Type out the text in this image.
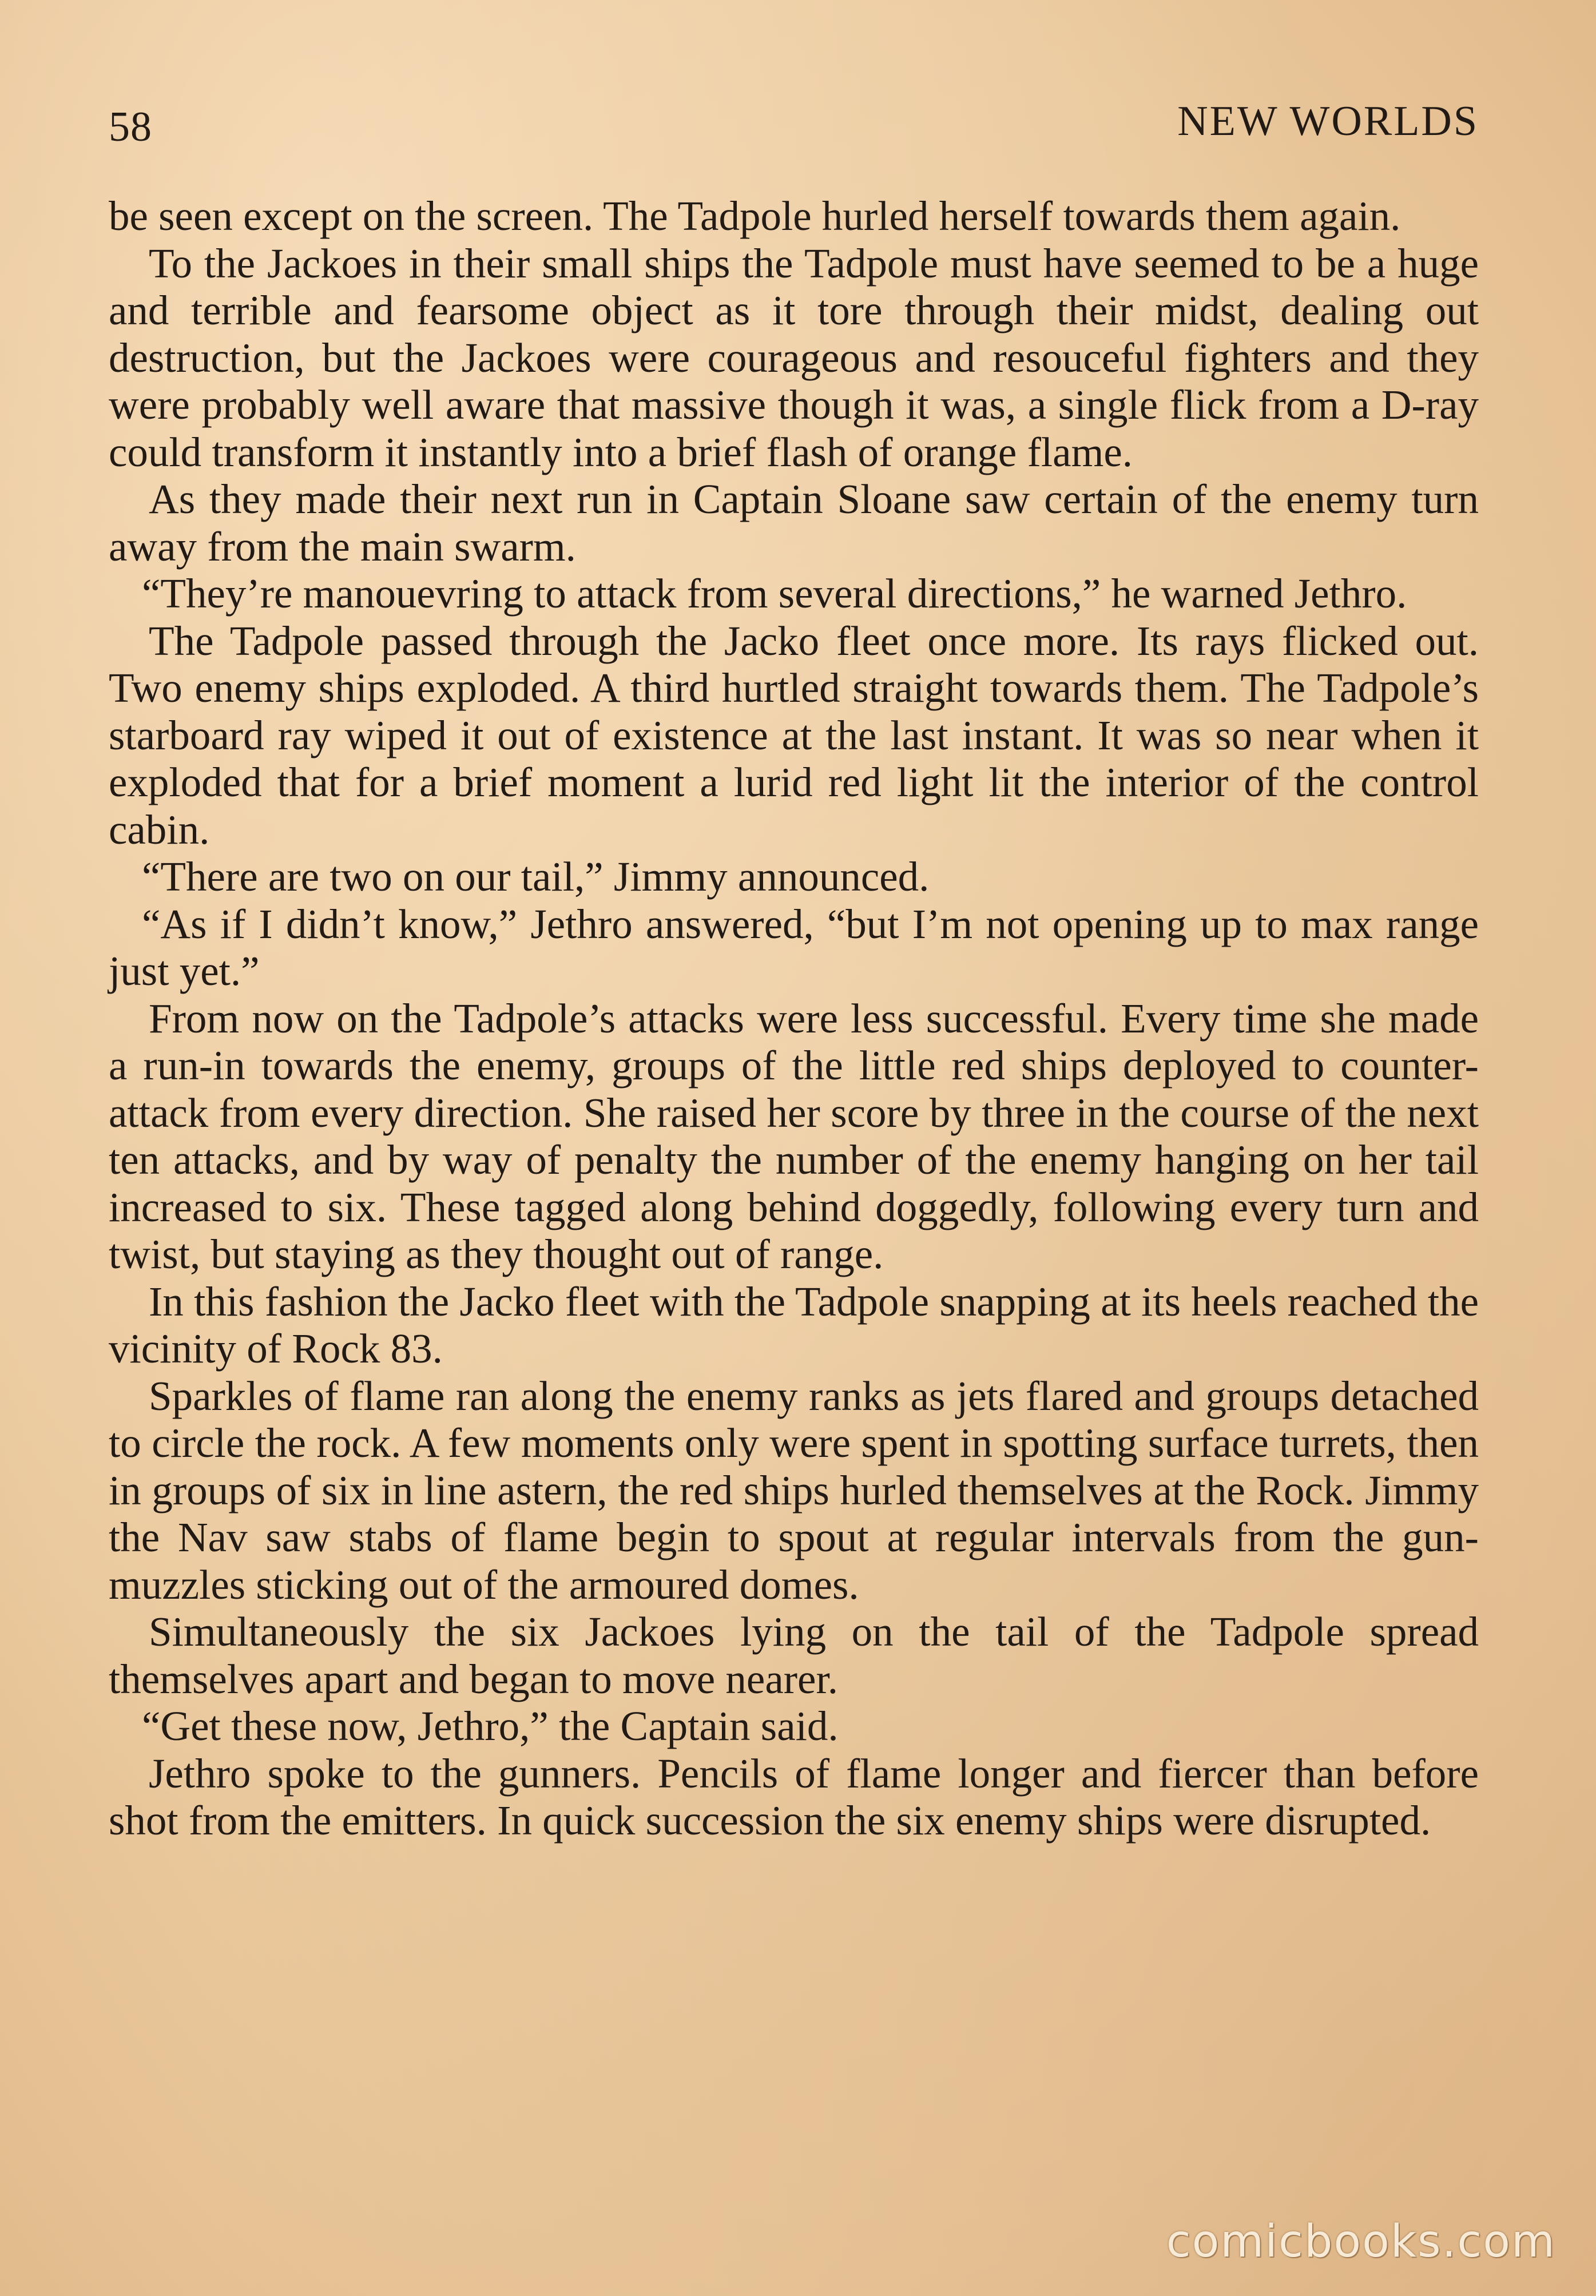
58	NEW WORLDS

be seen except on the screen. The Tadpole hurled herself towards them again.

To the Jackoes in their small ships the Tadpole must have seemed to be a huge and terrible and fearsome object as it tore through their midst, dealing out destruction, but the Jackoes were courageous and resouceful fighters and they were probably well aware that massive though it was, a single flick from a D-ray could transform it instantly into a brief flash of orange flame.

As they made their next run in Captain Sloane saw certain of the enemy turn away from the main swarm.

“They’re manouevring to attack from several directions,” he warned Jethro.

The Tadpole passed through the Jacko fleet once more. Its rays flicked out. Two enemy ships exploded. A third hurtled straight towards them. The Tadpole’s starboard ray wiped it out of existence at the last instant. It was so near when it exploded that for a brief moment a lurid red light lit the interior of the control cabin.

“There are two on our tail,” Jimmy announced.

“As if I didn’t know,” Jethro answered, “but I’m not opening up to max range just yet.”

From now on the Tadpole’s attacks were less successful. Every time she made a run-in towards the enemy, groups of the little red ships deployed to counter-attack from every direction. She raised her score by three in the course of the next ten attacks, and by way of penalty the number of the enemy hanging on her tail increased to six. These tagged along behind doggedly, following every turn and twist, but staying as they thought out of range.

In this fashion the Jacko fleet with the Tadpole snapping at its heels reached the vicinity of Rock 83.

Sparkles of flame ran along the enemy ranks as jets flared and groups detached to circle the rock. A few moments only were spent in spotting surface turrets, then in groups of six in line astern, the red ships hurled themselves at the Rock. Jimmy the Nav saw stabs of flame begin to spout at regular intervals from the gun-muzzles sticking out of the armoured domes.

Simultaneously the six Jackoes lying on the tail of the Tadpole spread themselves apart and began to move nearer.

“Get these now, Jethro,” the Captain said.

Jethro spoke to the gunners. Pencils of flame longer and fiercer than before shot from the emitters. In quick succession the six enemy ships were disrupted.

comicbooks.com
